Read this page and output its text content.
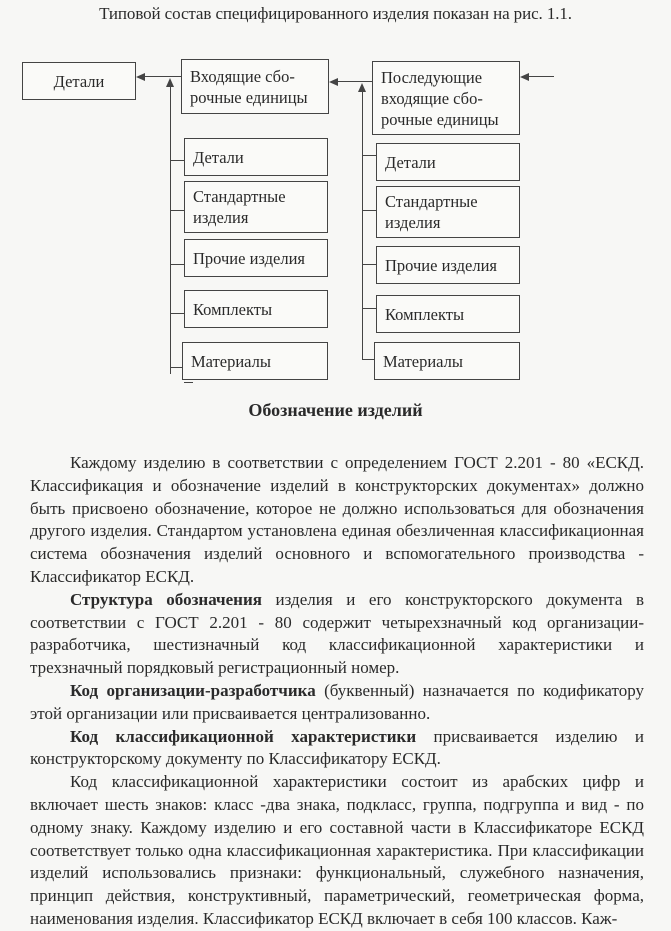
Типовой состав специфицированного изделия показан на рис. 1.1.
Детали	Входящие сбо-
рочные единицы
Последующие
входящие сбо-
рочные единицы
Детали
Стандартные
изделия
Прочие изделия
Комплекты
Материалы
Детали
Стандартные
изделия
Прочие изделия
Комплекты
Материалы
Обозначение изделий

Каждому изделию в соответствии с определением ГОСТ 2.201 - 80 «ЕСКД. Классификация и обозначение изделий в конструкторских документах» должно быть присвоено обозначение, которое не должно использоваться для обозначения другого изделия. Стандартом установлена единая обезличенная классификационная система обозначения изделий основного и вспомогательного производства - Классификатор ЕСКД.

Структура обозначения изделия и его конструкторского документа в соответствии с ГОСТ 2.201 - 80 содержит четырехзначный код организации-разработчика, шестизначный код классификационной характеристики и трехзначный порядковый регистрационный номер.

Код организации-разработчика (буквенный) назначается по кодификатору этой организации или присваивается централизованно.

Код классификационной характеристики присваивается изделию и конструкторскому документу по Классификатору ЕСКД.

Код классификационной характеристики состоит из арабских цифр и включает шесть знаков: класс -два знака, подкласс, группа, подгруппа и вид - по одному знаку. Каждому изделию и его составной части в Классификаторе ЕСКД соответствует только одна классификационная характеристика. При классификации изделий использовались признаки: функциональный, служебного назначения, принцип действия, конструктивный, параметрический, геометрическая форма, наименования изделия. Классификатор ЕСКД включает в себя 100 классов. Каж-
